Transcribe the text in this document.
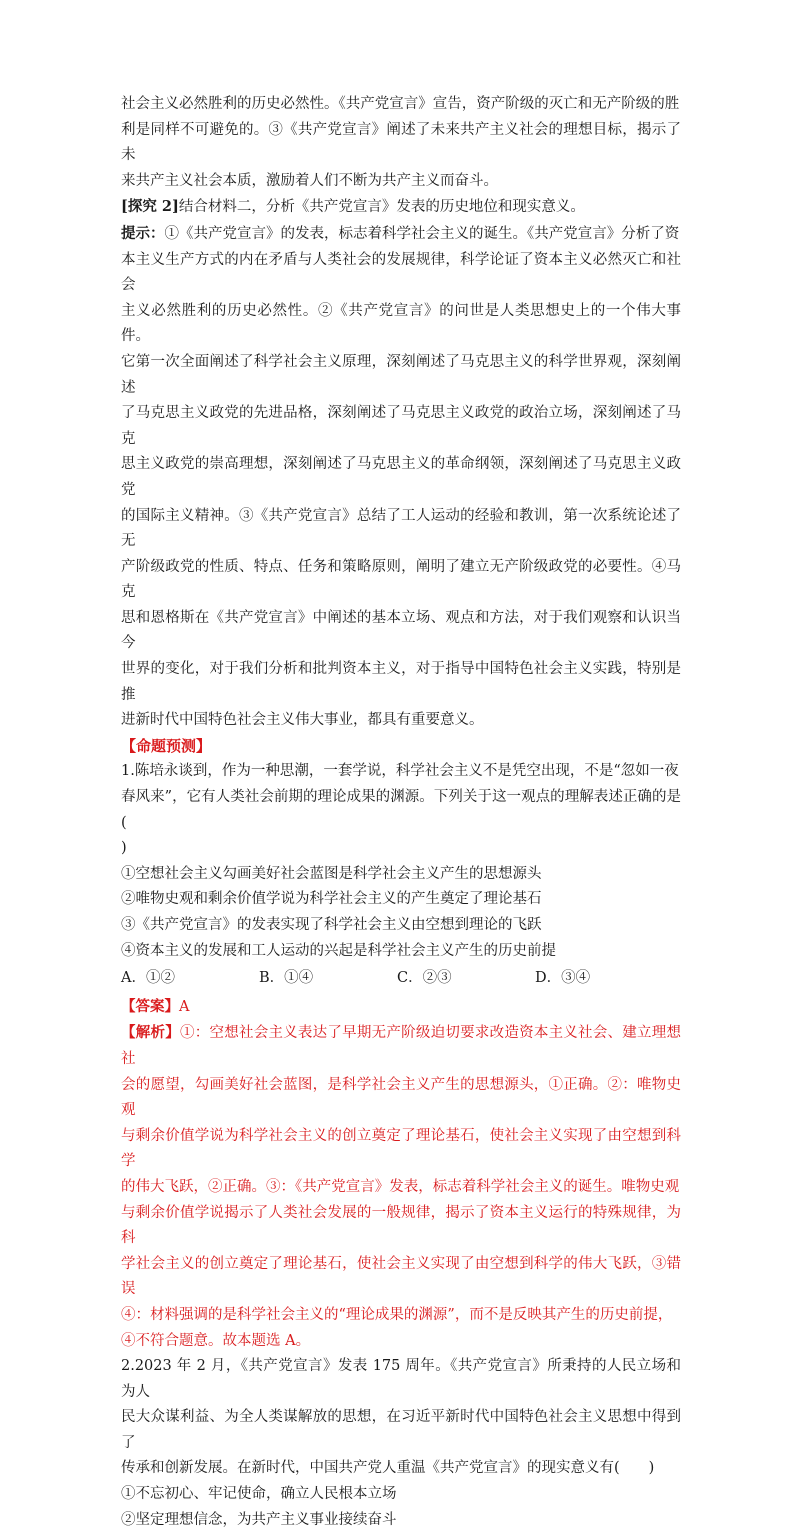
社会主义必然胜利的历史必然性。《共产党宣言》宣告，资产阶级的灭亡和无产阶级的胜

利是同样不可避免的。③《共产党宣言》阐述了未来共产主义社会的理想目标，揭示了未

来共产主义社会本质，激励着人们不断为共产主义而奋斗。

[探究 2]结合材料二，分析《共产党宣言》发表的历史地位和现实意义。

提示：①《共产党宣言》的发表，标志着科学社会主义的诞生。《共产党宣言》分析了资

本主义生产方式的内在矛盾与人类社会的发展规律，科学论证了资本主义必然灭亡和社会

主义必然胜利的历史必然性。②《共产党宣言》的问世是人类思想史上的一个伟大事件。

它第一次全面阐述了科学社会主义原理，深刻阐述了马克思主义的科学世界观，深刻阐述

了马克思主义政党的先进品格，深刻阐述了马克思主义政党的政治立场，深刻阐述了马克

思主义政党的崇高理想，深刻阐述了马克思主义的革命纲领，深刻阐述了马克思主义政党

的国际主义精神。③《共产党宣言》总结了工人运动的经验和教训，第一次系统论述了无

产阶级政党的性质、特点、任务和策略原则，阐明了建立无产阶级政党的必要性。④马克

思和恩格斯在《共产党宣言》中阐述的基本立场、观点和方法，对于我们观察和认识当今

世界的变化，对于我们分析和批判资本主义，对于指导中国特色社会主义实践，特别是推

进新时代中国特色社会主义伟大事业，都具有重要意义。

【命题预测】

1.陈培永谈到，作为一种思潮，一套学说，科学社会主义不是凭空出现，不是“忽如一夜

春风来”，它有人类社会前期的理论成果的渊源。下列关于这一观点的理解表述正确的是(

)

①空想社会主义勾画美好社会蓝图是科学社会主义产生的思想源头

②唯物史观和剩余价值学说为科学社会主义的产生奠定了理论基石

③《共产党宣言》的发表实现了科学社会主义由空想到理论的飞跃

④资本主义的发展和工人运动的兴起是科学社会主义产生的历史前提

A．①②	B．①④	C．②③	D．③④

【答案】A

【解析】①：空想社会主义表达了早期无产阶级迫切要求改造资本主义社会、建立理想社

会的愿望，勾画美好社会蓝图，是科学社会主义产生的思想源头，①正确。②：唯物史观

与剩余价值学说为科学社会主义的创立奠定了理论基石，使社会主义实现了由空想到科学

的伟大飞跃，②正确。③：《共产党宣言》发表，标志着科学社会主义的诞生。唯物史观

与剩余价值学说揭示了人类社会发展的一般规律，揭示了资本主义运行的特殊规律，为科

学社会主义的创立奠定了理论基石，使社会主义实现了由空想到科学的伟大飞跃，③错误

④：材料强调的是科学社会主义的“理论成果的渊源”，而不是反映其产生的历史前提，

④不符合题意。故本题选 A。

2.2023 年 2 月，《共产党宣言》发表 175 周年。《共产党宣言》所秉持的人民立场和为人

民大众谋利益、为全人类谋解放的思想，在习近平新时代中国特色社会主义思想中得到了

传承和创新发展。在新时代，中国共产党人重温《共产党宣言》的现实意义有(　　)

①不忘初心、牢记使命，确立人民根本立场

②坚定理想信念，为共产主义事业接续奋斗
